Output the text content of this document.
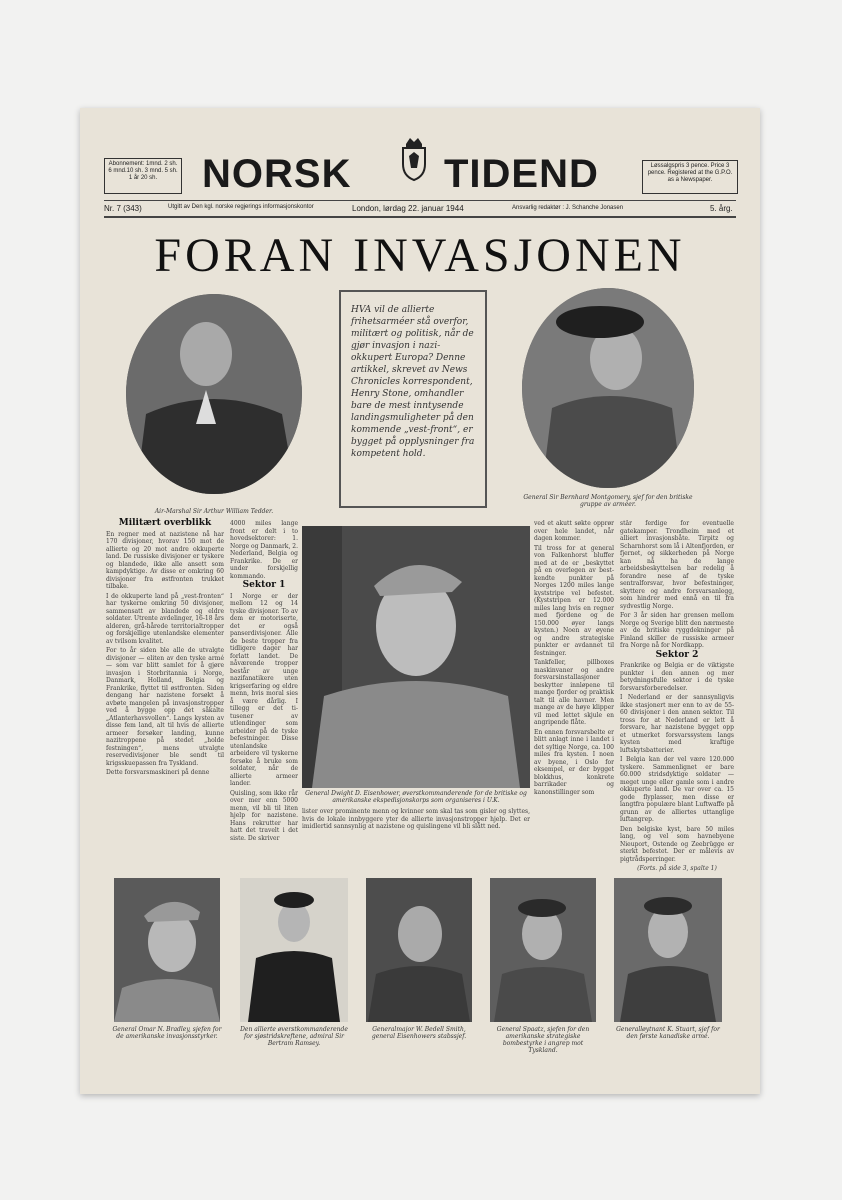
Abonnement: 1mnd. 2 sh. 6 mnd.10 sh. 3 mnd. 5 sh. 1 år 20 sh.	NORSK TIDEND	Løssalgspris 3 pence. Price 3 pence. Registered at the G.P.O. as a Newspaper.
Nr. 7 (343)	Utgitt av Den kgl. norske regjerings informasjonskontor	London, lørdag 22. januar 1944	Ansvarlig redaktør : J. Schanche Jonasen	5. årg.
FORAN INVASJONEN
Air-Marshal Sir Arthur William Tedder.
HVA vil de allierte frihetsarméer stå overfor, militært og politisk, når de gjør invasjon i nazi-okkupert Europa? Denne artikkel, skrevet av News Chronicles korrespondent, Henry Stone, omhandler bare de mest inntysende landingsmuligheter på den kommende „vest-front“, er bygget på opplysninger fra kompetent hold.
General Sir Bernhard Montgomery, sjef for den britiske gruppe av arméer.
Militært overblikk

En regner med at nazistene nå har 170 divisjoner, hvorav 150 mot de allierte og 20 mot andre okkuperte land. De russiske divisjoner er tyskere og blandede, ikke alle ansett som kampdyktige. Av disse er omkring 60 divisjoner fra østfronten trukket tilbake.

I de okkuperte land på „vest-fronten“ har tyskerne omkring 50 divisjoner, sammensatt av blandede og eldre soldater. Utrente avdelinger, 16-18 års alderen, grå-hårede territorialtropper og forskjellige utenlandske elementer av tvilsom kvalitet.

For to år siden ble alle de utvalgte divisjoner — eliten av den tyske armé — som var blitt samlet for å gjøre invasjon i Storbritannia i Norge, Danmark, Holland, Belgia og Frankrike, flyttet til østfronten. Siden dengang har nazistene forsøkt å avbøte mangelen på invasjonstropper ved å bygge opp det såkalte „Atlanterhavsvollen“. Langs kysten av disse fem land, alt til hvis de allierte armeer forsøker landing, kunne nazitroppene på stedet „holde festningen“, mens utvalgte reservedivisjoner ble sendt til krigsskuepassen fra Tyskland.

Dette forsvarsmaskineri på denne

4000 miles lange front er delt i to hovedsektorer: 1. Norge og Danmark, 2. Nederland, Belgia og Frankrike. De er under forskjellig kommando.

Sektor 1

I Norge er der mellom 12 og 14 tyske divisjoner. To av dem er motoriserte, det er også panserdivisjoner. Alle de beste tropper fra tidligere dager har forlatt landet. De nåværende tropper består av unge nazifanatikere uten krigserfaring og eldre menn, hvis moral sies å være dårlig. I tillegg er det ti-tusener av utlendinger som arbeider på de tyske befestninger. Disse utenlandske arbeidere vil tyskerne forsøke å bruke som soldater, når de allierte armeer lander.

Quisling, som ikke rår over mer enn 5000 menn, vil bli til liten hjelp for nazistene. Hans rekrutter har hatt det travelt i det siste. De skriver

General Dwight D. Eisenhower, øverstkommanderende for de britiske og amerikanske ekspedisjonskorps som organiseres i U.K.

lister over prominente menn og kvinner som skal tas som gisler og slyttes, hvis de lokale innbyggere yter de allierte invasjonstropper hjelp. Det er imidlertid sannsynlig at nazistene og quislingene vil bli slått ned.

ved et akutt søkte opprør over hele landet, når dagen kommer.

Til tross for at general von Falkenhorst bluffer med at de er „beskyttet på en overlegen av best-kendte punkter på Norges 1200 miles lange kyststripe vel befestet. (Kyststripen er 12.000 miles lang hvis en regner med fjordene og de 150.000 øyer langs kysten.) Noen av øyene og andre strategiske punkter er avdannet til festninger.

Tankfeller, pillboxes maskinvaner og andre forsvarsinstallasjoner beskytter innløpene til mange fjorder og praktisk talt til alle havner. Men mange av de høye klipper vil med lettet skjule en angripende flåte.

En ennen forsvarsbelte er blitt anlagt inne i landet i det syltige Norge, ca. 100 miles fra kysten. I noen av byene, i Oslo for eksempel, er der bygget blokkhus, konkrete barrikader og kanonstillinger som

står ferdige for eventuelle gatekamper. Trondheim med et alliert invasjonsbåte. Tirpitz og Scharnhorst som lå i Altenfjorden, er fjernet, og sikkerheden på Norge kan nå ha de lange arbeidsbeskyttelsen bar redelig å forandre nese af de tyske sentralforsvar, hvor befestninger, skyttere og andre forsvarsanlegg, som hindrer med ennå en til fra sydvestlig Norge.

For 3 år siden har grensen mellom Norge og Sverige blitt den nærmeste av de britiske ryggdekninger på Finland skiller de russiske armeer fra Norge nå for Nordkapp.

Sektor 2

Frankrike og Belgia er de viktigste punkter i den annen og mer betydningsfulle sektor i de tyske forsvarsforberedelser.

I Nederland er der sannsynligvis ikke stasjonert mer enn to av de 55-60 divisjoner i den annen sektor. Til tross for at Nederland er lett å forsvare, har nazistene bygget opp et utmerket forsvarssystem langs kysten med kraftige luftskytsbatterier.

I Belgia kan der vel være 120.000 tyskere. Sammenlignet er bare 60.000 stridsdyktige soldater — meget unge eller gamle som i andre okkuperte land. De var over ca. 15 gode flyplasser, men disse er langtfra populære blant Luftwaffe på grunn av de alliertes uttanglige luftangrep.

Den belgiske kyst, bare 50 miles lang, og vel som havnebyene Nieuport, Ostende og Zeebrügge er sterkt befestet. Der er målevis av pigtrådsperringer.

(Forts. på side 3, spalte 1)

General Omar N. Bradley, sjefen for de amerikanske invasjonsstyrker.
Den allierte øverstkommanderende for sjøstridskreftene, admiral Sir Bertram Ramsey.
Generalmajor W. Bedell Smith, general Eisenhowers stabssjef.
General Spaatz, sjefen for den amerikanske strategiske bombestyrke i angrep mot Tyskland.
Generalløytnant K. Stuart, sjef for den første kanadiske armé.
